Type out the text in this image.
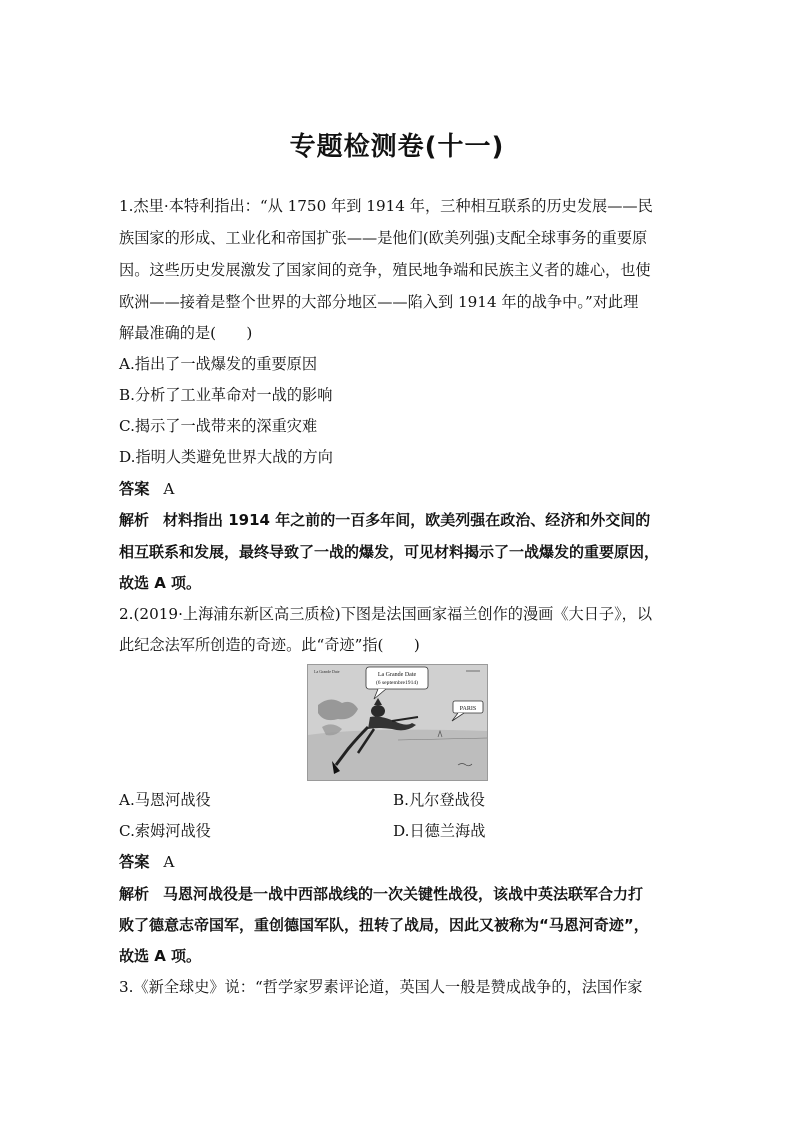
专题检测卷(十一)
1.杰里·本特利指出：“从 1750 年到 1914 年，三种相互联系的历史发展——民
族国家的形成、工业化和帝国扩张——是他们(欧美列强)支配全球事务的重要原
因。这些历史发展激发了国家间的竞争，殖民地争端和民族主义者的雄心，也使
欧洲——接着是整个世界的大部分地区——陷入到 1914 年的战争中。”对此理
解最准确的是(　　)
A.指出了一战爆发的重要原因
B.分析了工业革命对一战的影响
C.揭示了一战带来的深重灾难
D.指明人类避免世界大战的方向
答案 A
解析 材料指出 1914 年之前的一百多年间，欧美列强在政治、经济和外交间的
相互联系和发展，最终导致了一战的爆发，可见材料揭示了一战爆发的重要原因，
故选 A 项。
2.(2019·上海浦东新区高三质检)下图是法国画家福兰创作的漫画《大日子》，以
此纪念法军所创造的奇迹。此“奇迹”指(　　)
La Grande Date
La Grande Date
(6 septembre1914)
PARIS
A.马恩河战役	B.凡尔登战役
C.索姆河战役	D.日德兰海战
答案 A
解析 马恩河战役是一战中西部战线的一次关键性战役，该战中英法联军合力打
败了德意志帝国军，重创德国军队，扭转了战局，因此又被称为“马恩河奇迹”，
故选 A 项。
3.《新全球史》说：“哲学家罗素评论道，英国人一般是赞成战争的，法国作家
